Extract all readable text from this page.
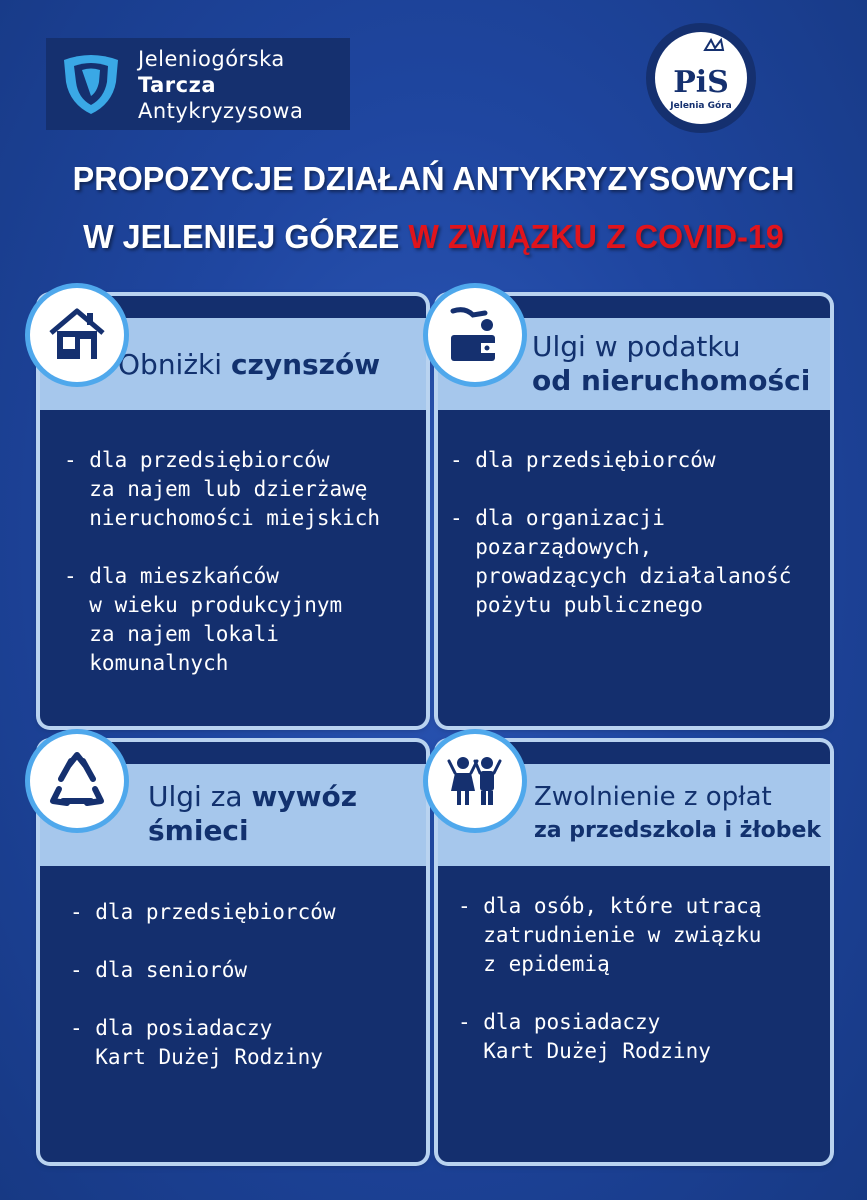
Jeleniogórska
Tarcza
Antykryzysowa
PiS
Jelenia Góra
PROPOZYCJE DZIAŁAŃ ANTYKRYZYSOWYCH
W JELENIEJ GÓRZE W ZWIĄZKU Z COVID-19
Obniżki czynszów
- dla przedsiębiorców
za najem lub dzierżawę
nieruchomości miejskich

- dla mieszkańców
w wieku produkcyjnym
za najem lokali
komunalnych
Ulgi w podatku
od nieruchomości
- dla przedsiębiorców

- dla organizacji
pozarządowych,
prowadzących działalaność
pożytu publicznego
Ulgi za wywóz
śmieci
- dla przedsiębiorców

- dla seniorów

- dla posiadaczy
Kart Dużej Rodziny
Zwolnienie z opłat
za przedszkola i żłobek
- dla osób, które utracą
zatrudnienie w związku
z epidemią

- dla posiadaczy
Kart Dużej Rodziny
